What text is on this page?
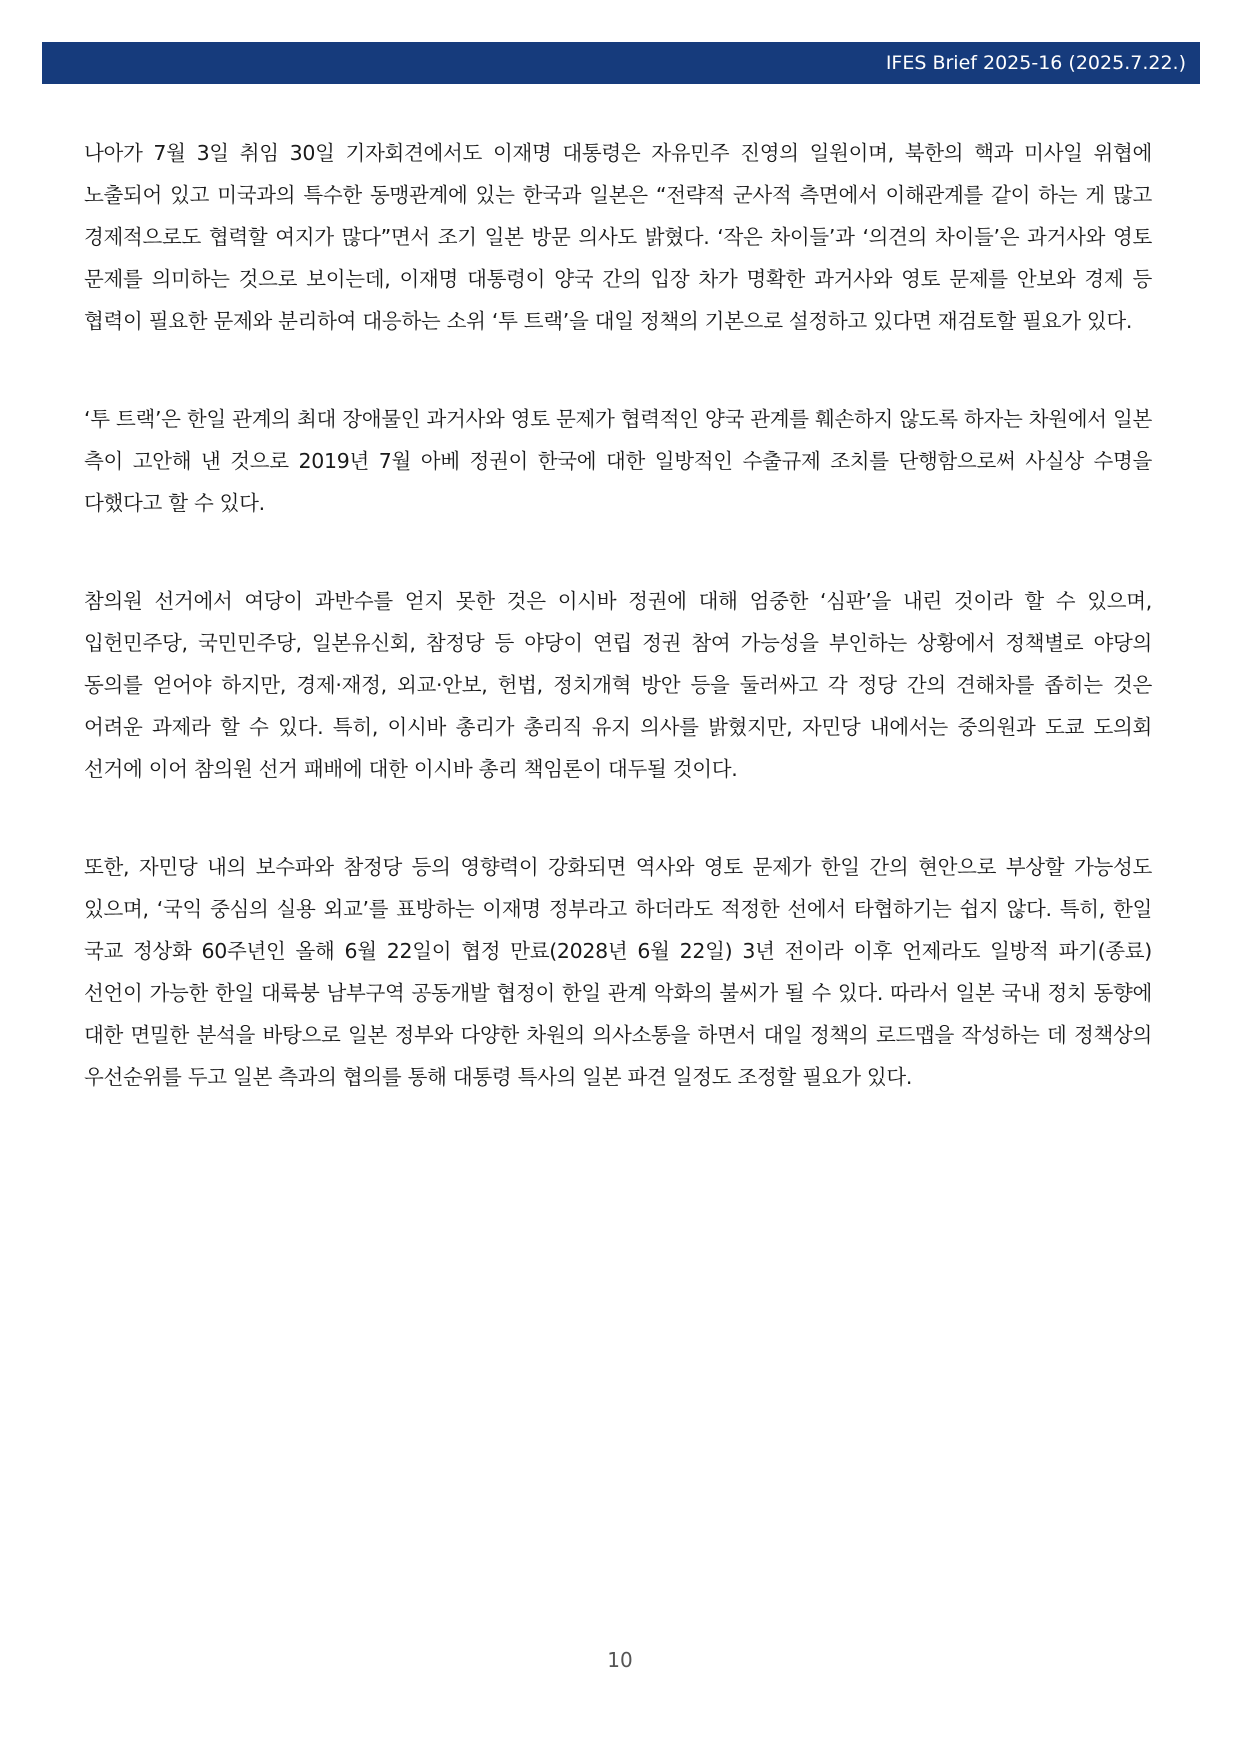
IFES Brief 2025-16 (2025.7.22.)

나아가 7월 3일 취임 30일 기자회견에서도 이재명 대통령은 자유민주 진영의 일원이며, 북한의 핵과 미사일 위협에 노출되어 있고 미국과의 특수한 동맹관계에 있는 한국과 일본은 “전략적 군사적 측면에서 이해관계를 같이 하는 게 많고 경제적으로도 협력할 여지가 많다”면서 조기 일본 방문 의사도 밝혔다. ‘작은 차이들’과 ‘의견의 차이들’은 과거사와 영토 문제를 의미하는 것으로 보이는데, 이재명 대통령이 양국 간의 입장 차가 명확한 과거사와 영토 문제를 안보와 경제 등 협력이 필요한 문제와 분리하여 대응하는 소위 ‘투 트랙’을 대일 정책의 기본으로 설정하고 있다면 재검토할 필요가 있다.

‘투 트랙’은 한일 관계의 최대 장애물인 과거사와 영토 문제가 협력적인 양국 관계를 훼손하지 않도록 하자는 차원에서 일본 측이 고안해 낸 것으로 2019년 7월 아베 정권이 한국에 대한 일방적인 수출규제 조치를 단행함으로써 사실상 수명을 다했다고 할 수 있다.

참의원 선거에서 여당이 과반수를 얻지 못한 것은 이시바 정권에 대해 엄중한 ‘심판’을 내린 것이라 할 수 있으며, 입헌민주당, 국민민주당, 일본유신회, 참정당 등 야당이 연립 정권 참여 가능성을 부인하는 상황에서 정책별로 야당의 동의를 얻어야 하지만, 경제·재정, 외교·안보, 헌법, 정치개혁 방안 등을 둘러싸고 각 정당 간의 견해차를 좁히는 것은 어려운 과제라 할 수 있다. 특히, 이시바 총리가 총리직 유지 의사를 밝혔지만, 자민당 내에서는 중의원과 도쿄 도의회 선거에 이어 참의원 선거 패배에 대한 이시바 총리 책임론이 대두될 것이다.

또한, 자민당 내의 보수파와 참정당 등의 영향력이 강화되면 역사와 영토 문제가 한일 간의 현안으로 부상할 가능성도 있으며, ‘국익 중심의 실용 외교’를 표방하는 이재명 정부라고 하더라도 적정한 선에서 타협하기는 쉽지 않다. 특히, 한일 국교 정상화 60주년인 올해 6월 22일이 협정 만료(2028년 6월 22일) 3년 전이라 이후 언제라도 일방적 파기(종료) 선언이 가능한 한일 대륙붕 남부구역 공동개발 협정이 한일 관계 악화의 불씨가 될 수 있다. 따라서 일본 국내 정치 동향에 대한 면밀한 분석을 바탕으로 일본 정부와 다양한 차원의 의사소통을 하면서 대일 정책의 로드맵을 작성하는 데 정책상의 우선순위를 두고 일본 측과의 협의를 통해 대통령 특사의 일본 파견 일정도 조정할 필요가 있다.

10
